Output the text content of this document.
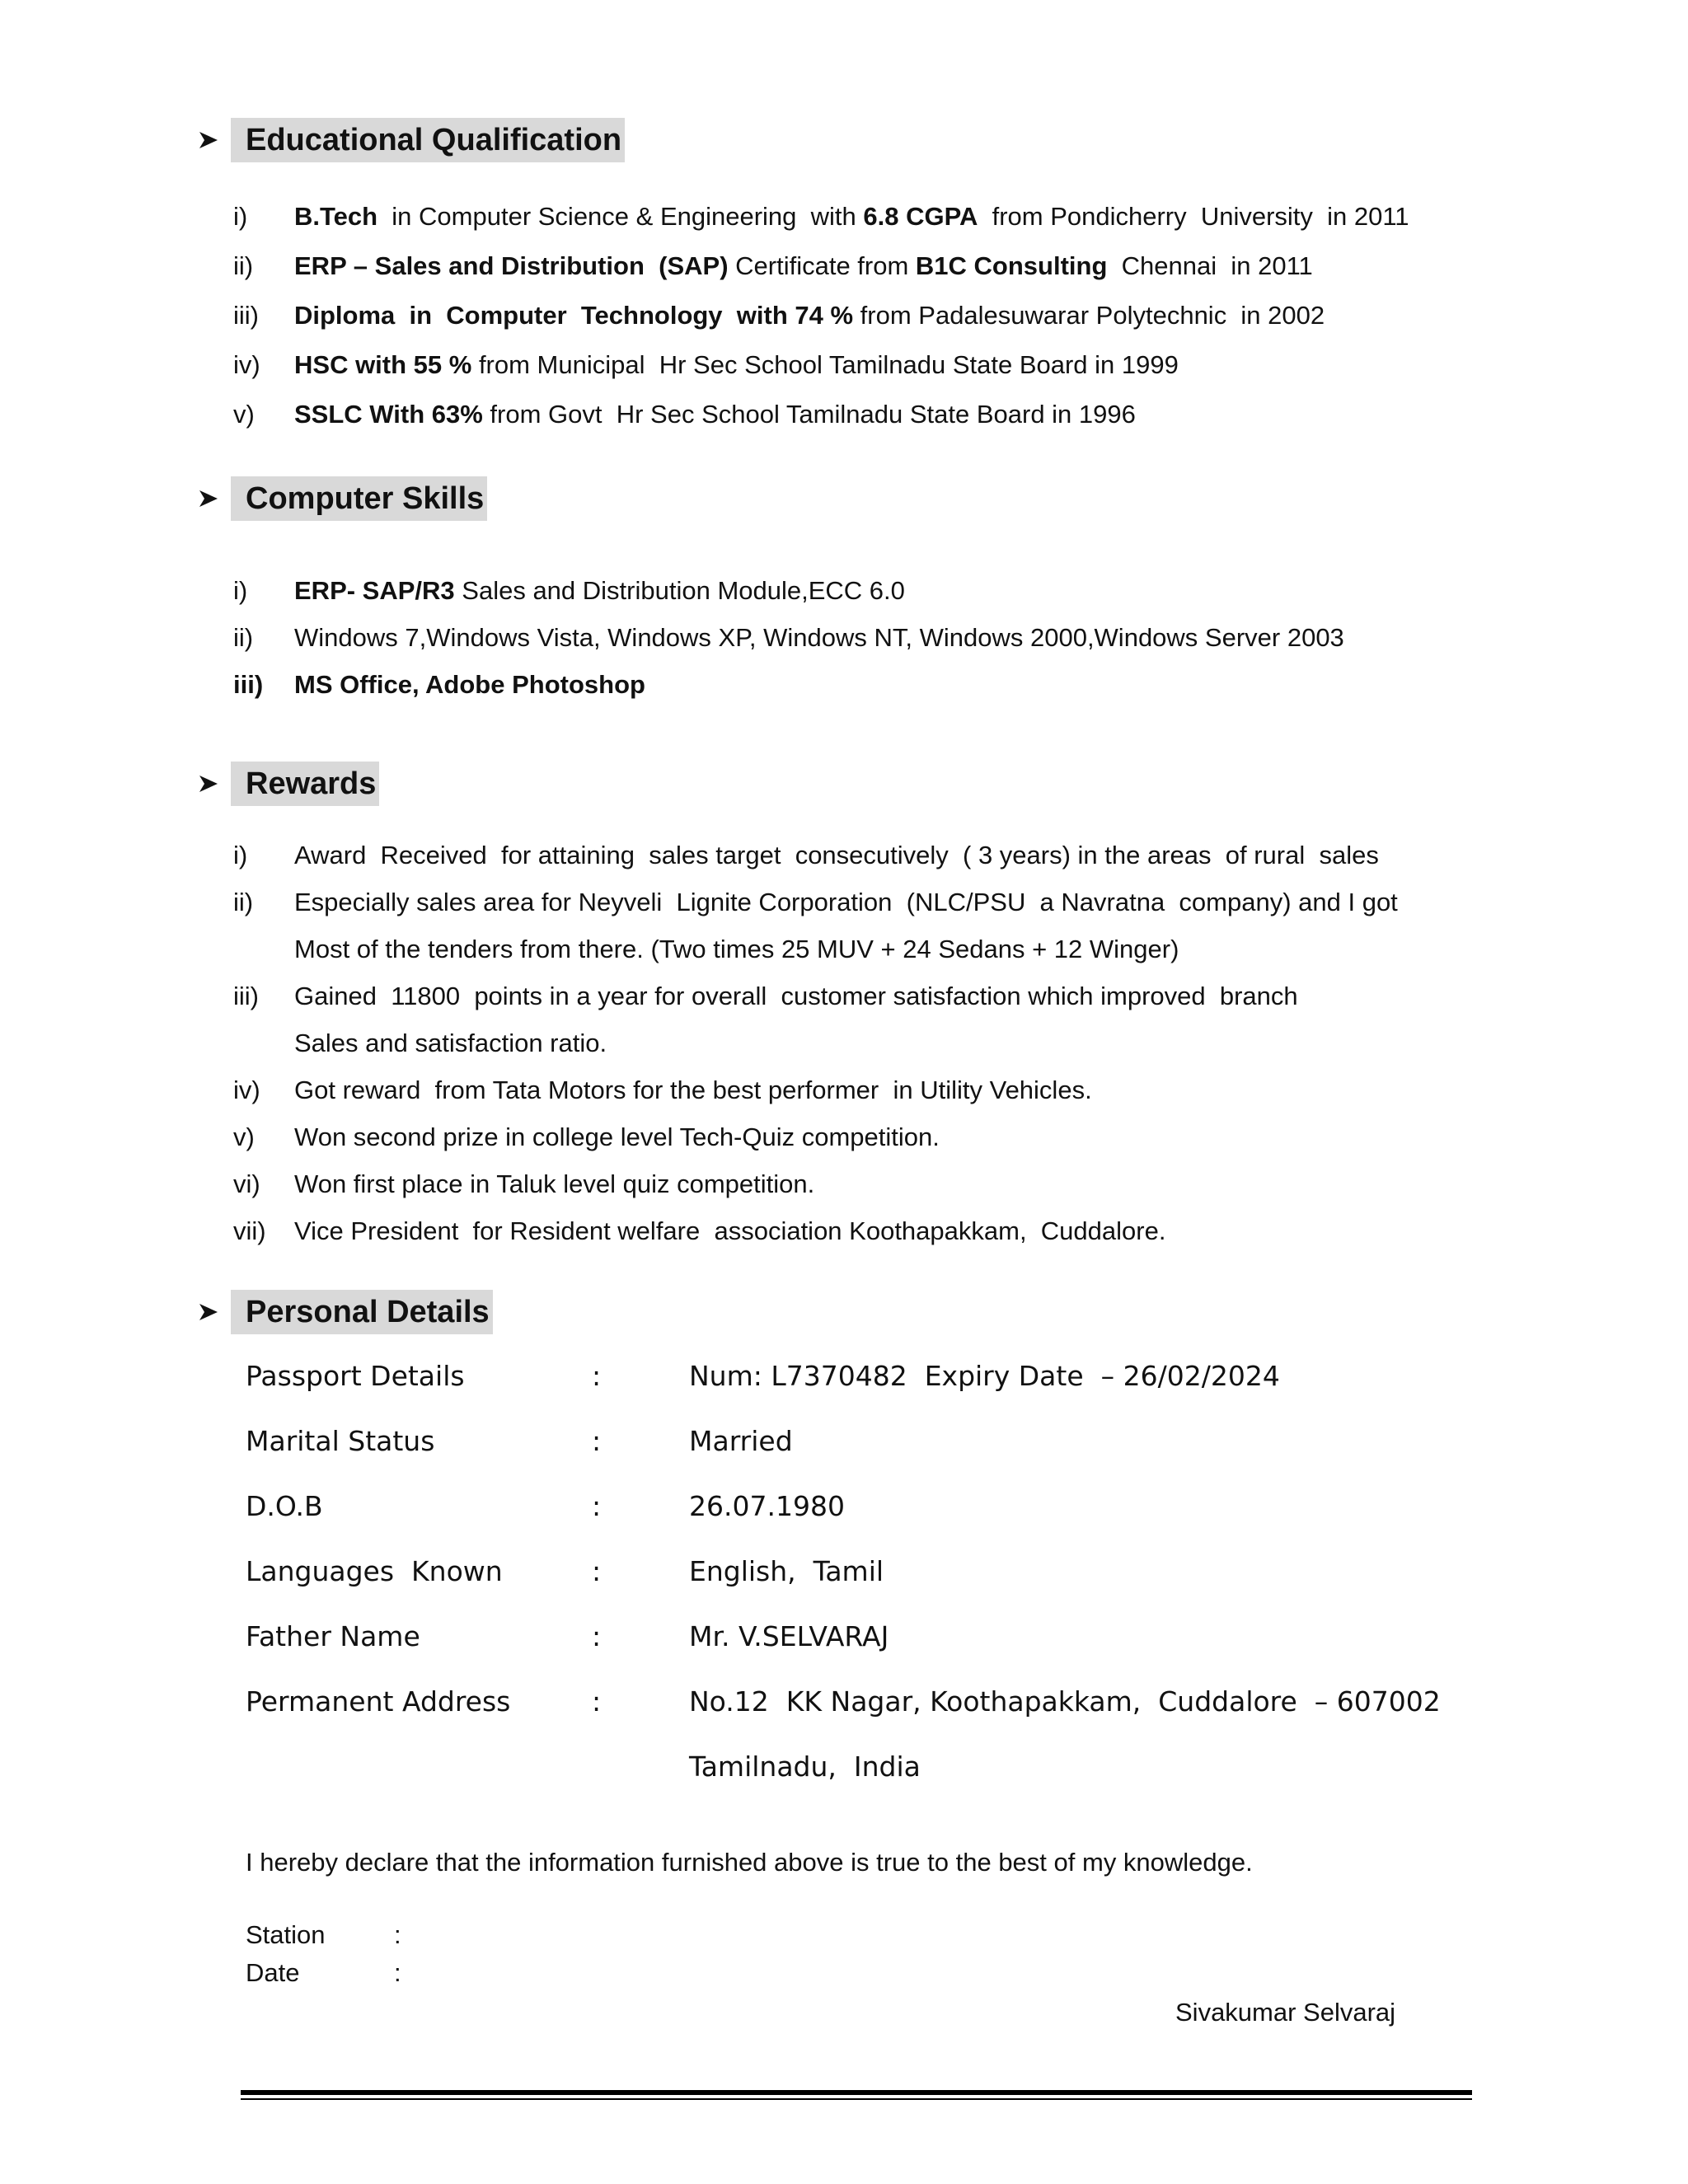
Educational Qualification
i) B.Tech  in Computer Science & Engineering  with 6.8 CGPA  from Pondicherry  University  in 2011
ii) ERP – Sales and Distribution  (SAP) Certificate from B1C Consulting  Chennai  in 2011
iii) Diploma  in  Computer  Technology  with 74 % from Padalesuwarar Polytechnic  in 2002
iv) HSC with 55 % from Municipal  Hr Sec School Tamilnadu State Board in 1999
v) SSLC With 63% from Govt  Hr Sec School Tamilnadu State Board in 1996
Computer Skills
i) ERP- SAP/R3 Sales and Distribution Module,ECC 6.0
ii) Windows 7,Windows Vista, Windows XP, Windows NT, Windows 2000,Windows Server 2003
iii) MS Office, Adobe Photoshop
Rewards
i) Award  Received  for attaining  sales target  consecutively  ( 3 years) in the areas  of rural  sales
ii) Especially sales area for Neyveli  Lignite Corporation  (NLC/PSU  a Navratna  company) and I got
Most of the tenders from there. (Two times 25 MUV + 24 Sedans + 12 Winger)
iii) Gained  11800  points in a year for overall  customer satisfaction which improved  branch
Sales and satisfaction ratio.
iv) Got reward  from Tata Motors for the best performer  in Utility Vehicles.
v) Won second prize in college level Tech-Quiz competition.
vi) Won first place in Taluk level quiz competition.
vii) Vice President  for Resident welfare  association Koothapakkam,  Cuddalore.
Personal Details
Passport Details	:	Num: L7370482  Expiry Date  – 26/02/2024
Marital Status	:	Married
D.O.B	:	26.07.1980
Languages  Known	:	English,  Tamil
Father Name	:	Mr. V.SELVARAJ
Permanent Address	:	No.12  KK Nagar, Koothapakkam,  Cuddalore  – 607002
Tamilnadu,  India
I hereby declare that the information furnished above is true to the best of my knowledge.
Station	:
Date	:
Sivakumar Selvaraj
